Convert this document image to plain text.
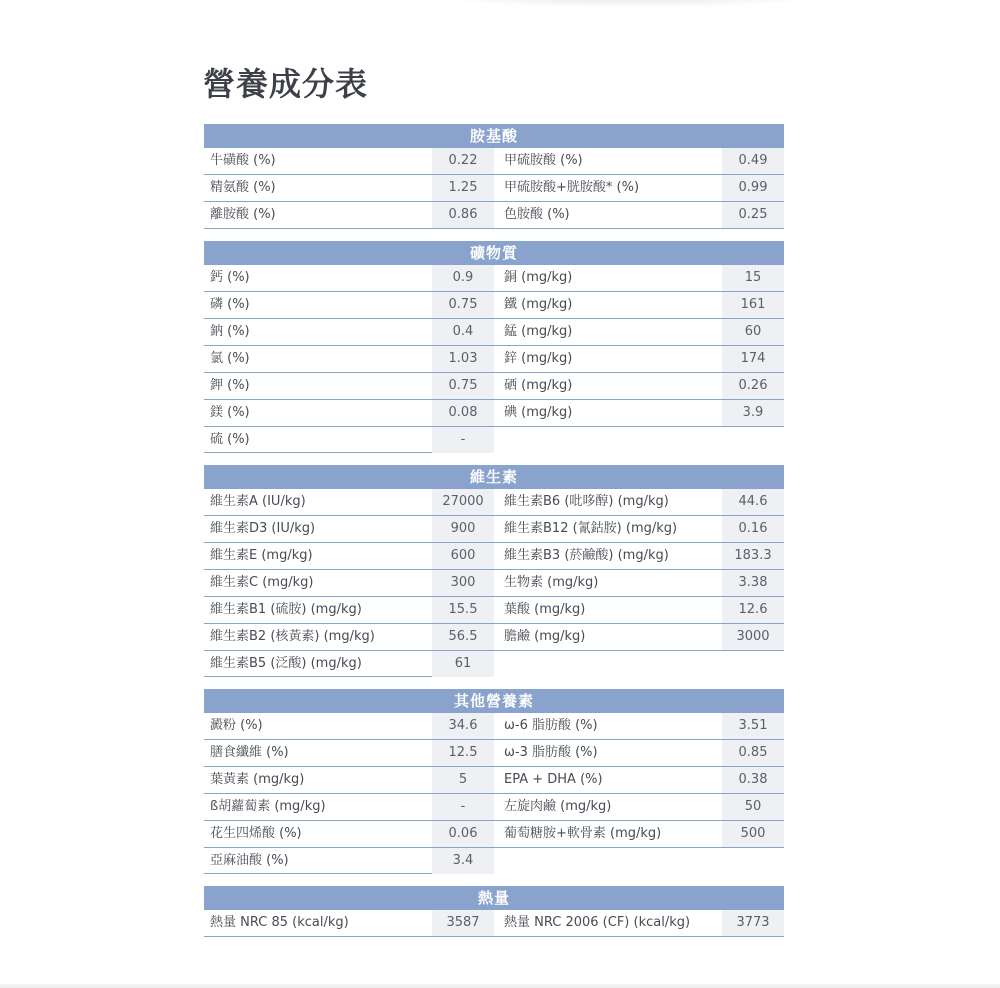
營養成分表
胺基酸
牛磺酸 (%)	0.22	甲硫胺酸 (%)	0.49
精氨酸 (%)	1.25	甲硫胺酸+胱胺酸* (%)	0.99
離胺酸 (%)	0.86	色胺酸 (%)	0.25
礦物質
鈣 (%)	0.9	銅 (mg/kg)	15
磷 (%)	0.75	鐵 (mg/kg)	161
鈉 (%)	0.4	錳 (mg/kg)	60
氯 (%)	1.03	鋅 (mg/kg)	174
鉀 (%)	0.75	硒 (mg/kg)	0.26
鎂 (%)	0.08	碘 (mg/kg)	3.9
硫 (%)	-
維生素
維生素A (IU/kg)	27000	維生素B6 (吡哆醇) (mg/kg)	44.6
維生素D3 (IU/kg)	900	維生素B12 (氰鈷胺) (mg/kg)	0.16
維生素E (mg/kg)	600	維生素B3 (菸鹼酸) (mg/kg)	183.3
維生素C (mg/kg)	300	生物素 (mg/kg)	3.38
維生素B1 (硫胺) (mg/kg)	15.5	葉酸 (mg/kg)	12.6
維生素B2 (核黃素) (mg/kg)	56.5	膽鹼 (mg/kg)	3000
維生素B5 (泛酸) (mg/kg)	61
其他營養素
澱粉 (%)	34.6	ω-6 脂肪酸 (%)	3.51
膳食纖維 (%)	12.5	ω-3 脂肪酸 (%)	0.85
葉黃素 (mg/kg)	5	EPA + DHA (%)	0.38
ß胡蘿蔔素 (mg/kg)	-	左旋肉鹼 (mg/kg)	50
花生四烯酸 (%)	0.06	葡萄糖胺+軟骨素 (mg/kg)	500
亞麻油酸 (%)	3.4
熱量
熱量 NRC 85 (kcal/kg)	3587	熱量 NRC 2006 (CF) (kcal/kg)	3773
